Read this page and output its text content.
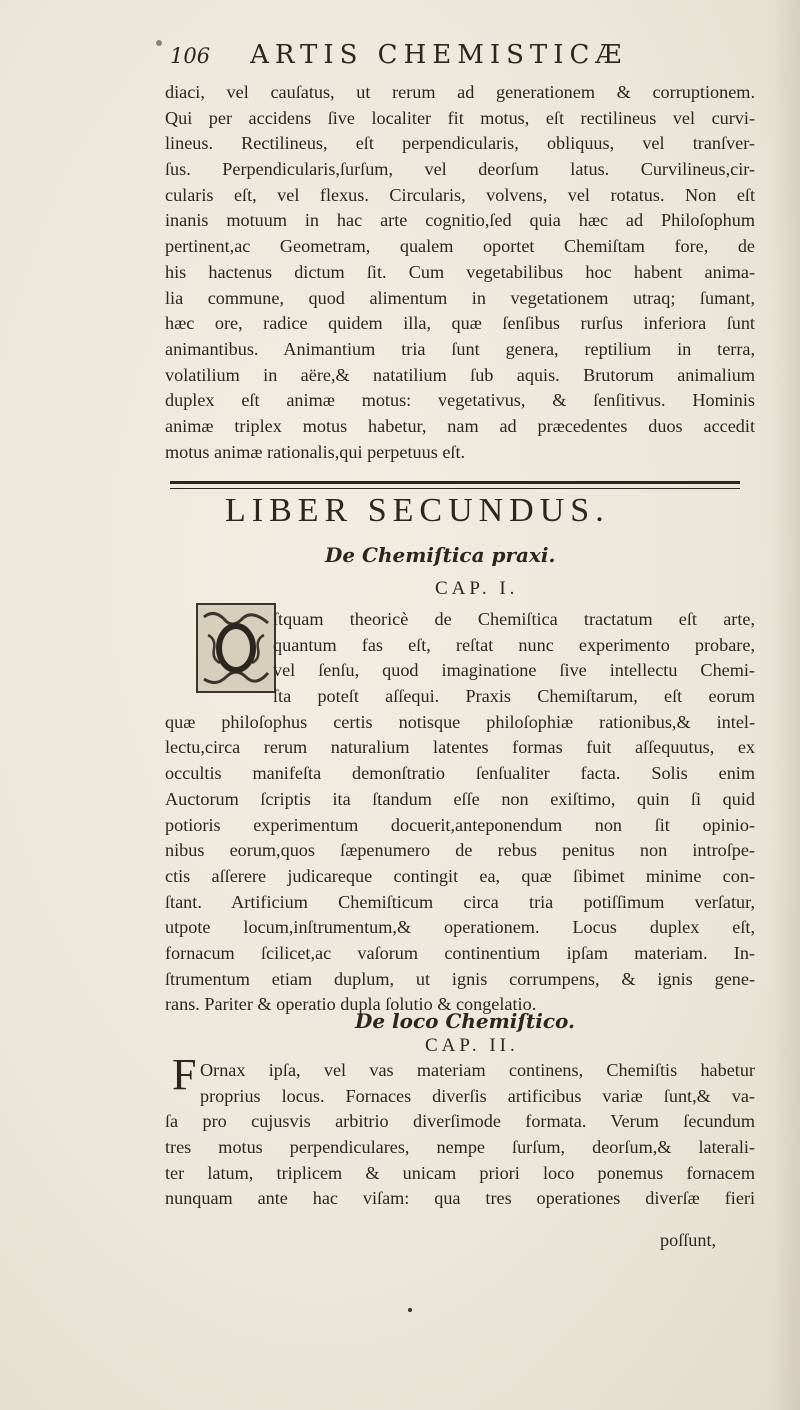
106 ARTIS CHEMISTICÆ
diaci, vel cauſatus, ut rerum ad generationem & corruptionem.
Qui per accidens ſive localiter fit motus, eſt rectilineus vel curvi-
lineus. Rectilineus, eſt perpendicularis, obliquus, vel tranſver-
ſus. Perpendicularis,ſurſum, vel deorſum latus. Curvilineus,cir-
cularis eſt, vel flexus. Circularis, volvens, vel rotatus. Non eſt
inanis motuum in hac arte cognitio,ſed quia hæc ad Philoſophum
pertinent,ac Geometram, qualem oportet Chemiſtam fore, de
his hactenus dictum ſit. Cum vegetabilibus hoc habent anima-
lia commune, quod alimentum in vegetationem utraq; ſumant,
hæc ore, radice quidem illa, quæ ſenſibus rurſus inferiora ſunt
animantibus. Animantium tria ſunt genera, reptilium in terra,
volatilium in aëre,& natatilium ſub aquis. Brutorum animalium
duplex eſt animæ motus: vegetativus, & ſenſitivus. Hominis
animæ triplex motus habetur, nam ad præcedentes duos accedit
motus animæ rationalis,qui perpetuus eſt.
LIBER SECUNDUS.
De Chemiſtica praxi.
CAP. I.
ſtquam theoricè de Chemiſtica tractatum eſt arte,
quantum fas eſt, reſtat nunc experimento probare,
vel ſenſu, quod imaginatione ſive intellectu Chemi-
ſta poteſt aſſequi. Praxis Chemiſtarum, eſt eorum
quæ philoſophus certis notisque philoſophiæ rationibus,& intel-
lectu,circa rerum naturalium latentes formas fuit aſſequutus, ex
occultis manifeſta demonſtratio ſenſualiter facta. Solis enim
Auctorum ſcriptis ita ſtandum eſſe non exiſtimo, quin ſi quid
potioris experimentum docuerit,anteponendum non ſit opinio-
nibus eorum,quos ſæpenumero de rebus penitus non introſpe-
ctis aſſerere judicareque contingit ea, quæ ſibimet minime con-
ſtant. Artificium Chemiſticum circa tria potiſſimum verſatur,
utpote locum,inſtrumentum,& operationem. Locus duplex eſt,
fornacum ſcilicet,ac vaſorum continentium ipſam materiam. In-
ſtrumentum etiam duplum, ut ignis corrumpens, & ignis gene-
rans. Pariter & operatio dupla ſolutio & congelatio.
De loco Chemiſtico.
CAP. II.
F Ornax ipſa, vel vas materiam continens, Chemiſtis habetur
proprius locus. Fornaces diverſis artificibus variæ ſunt,& va-
ſa pro cujusvis arbitrio diverſimode formata. Verum ſecundum
tres motus perpendiculares, nempe ſurſum, deorſum,& laterali-
ter latum, triplicem & unicam priori loco ponemus fornacem
nunquam ante hac viſam: qua tres operationes diverſæ fieri
poſſunt,
